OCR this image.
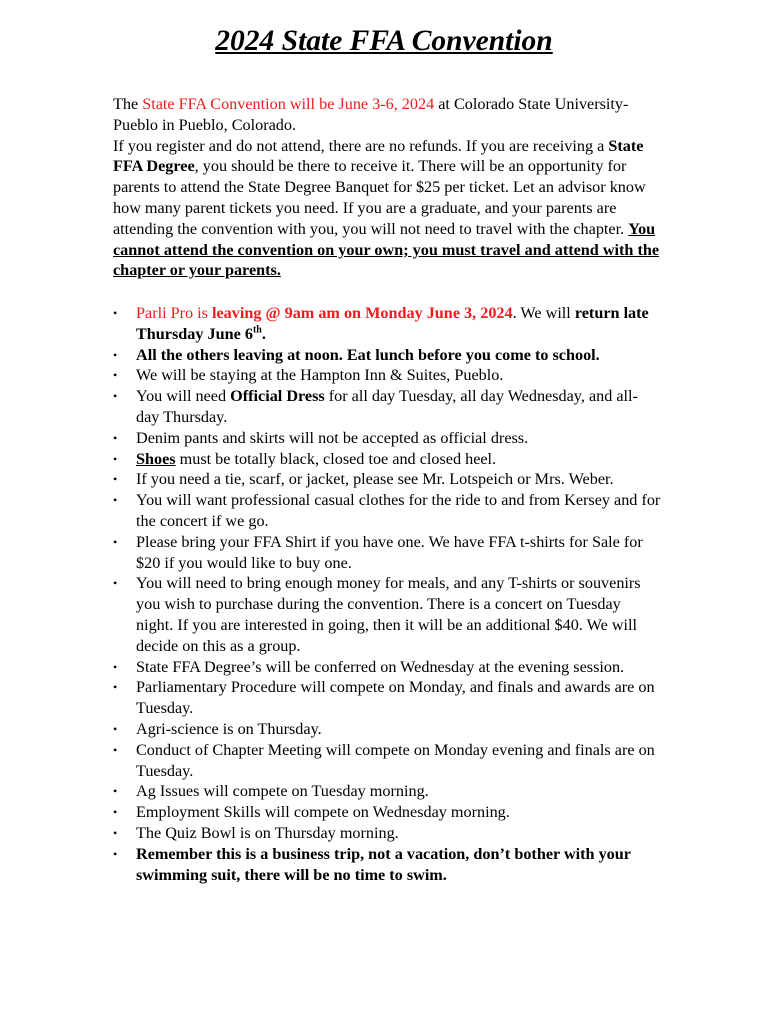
2024 State FFA Convention
The State FFA Convention will be June 3-6, 2024 at Colorado State University- Pueblo in Pueblo, Colorado.
If you register and do not attend, there are no refunds. If you are receiving a State FFA Degree, you should be there to receive it. There will be an opportunity for parents to attend the State Degree Banquet for $25 per ticket. Let an advisor know how many parent tickets you need. If you are a graduate, and your parents are attending the convention with you, you will not need to travel with the chapter. You cannot attend the convention on your own; you must travel and attend with the chapter or your parents.
• Parli Pro is leaving @ 9am am on Monday June 3, 2024. We will return late Thursday June 6th.
• All the others leaving at noon. Eat lunch before you come to school.
• We will be staying at the Hampton Inn & Suites, Pueblo.
• You will need Official Dress for all day Tuesday, all day Wednesday, and all-day Thursday.
• Denim pants and skirts will not be accepted as official dress.
• Shoes must be totally black, closed toe and closed heel.
• If you need a tie, scarf, or jacket, please see Mr. Lotspeich or Mrs. Weber.
• You will want professional casual clothes for the ride to and from Kersey and for the concert if we go.
• Please bring your FFA Shirt if you have one. We have FFA t-shirts for Sale for $20 if you would like to buy one.
• You will need to bring enough money for meals, and any T-shirts or souvenirs you wish to purchase during the convention. There is a concert on Tuesday night. If you are interested in going, then it will be an additional $40. We will decide on this as a group.
• State FFA Degree’s will be conferred on Wednesday at the evening session.
• Parliamentary Procedure will compete on Monday, and finals and awards are on Tuesday.
• Agri-science is on Thursday.
• Conduct of Chapter Meeting will compete on Monday evening and finals are on Tuesday.
• Ag Issues will compete on Tuesday morning.
• Employment Skills will compete on Wednesday morning.
• The Quiz Bowl is on Thursday morning.
• Remember this is a business trip, not a vacation, don’t bother with your swimming suit, there will be no time to swim.
